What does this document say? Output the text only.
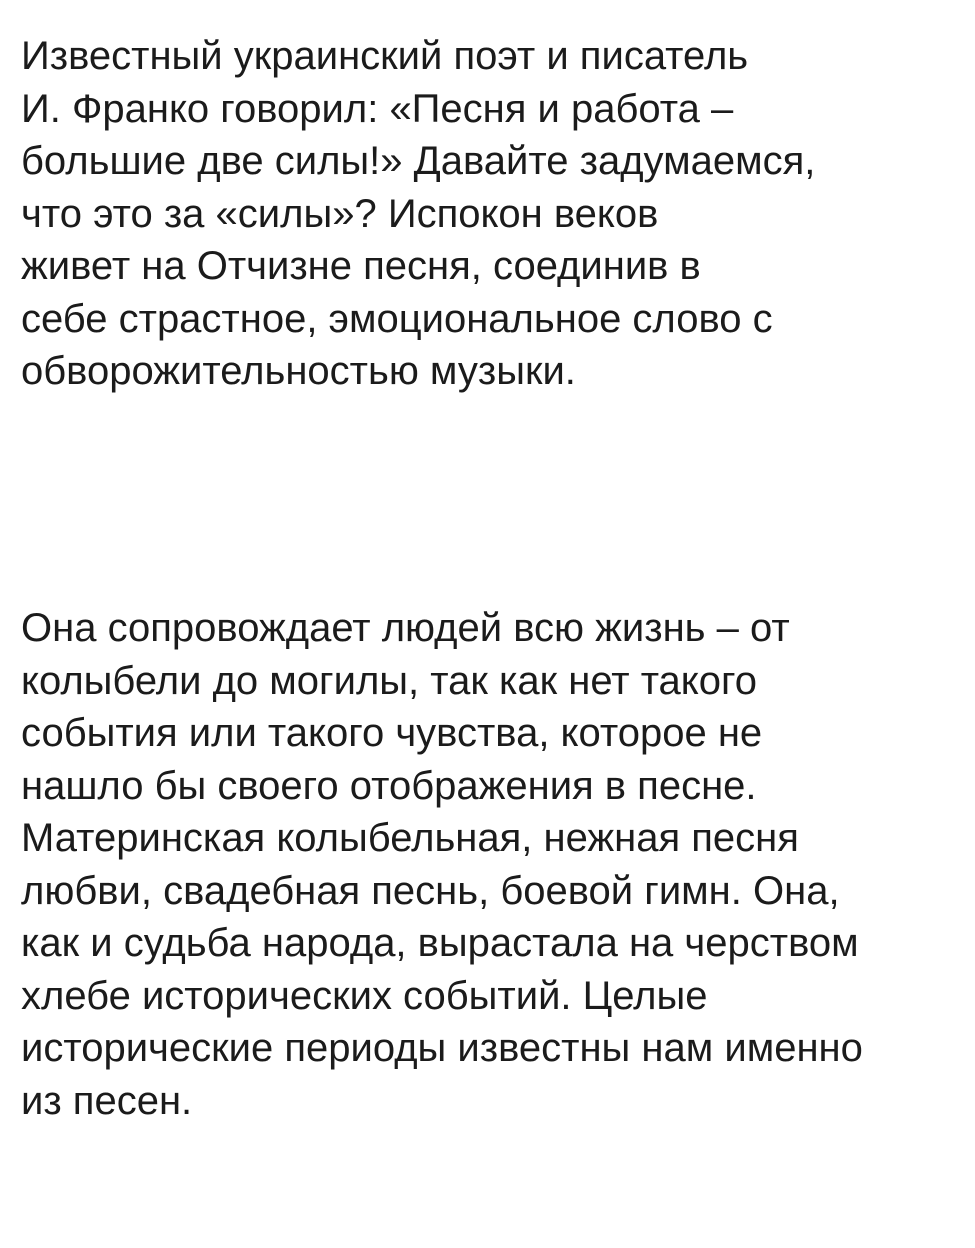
Известный украинский поэт и писатель
И. Франко говорил: «Песня и работа –
большие две силы!» Давайте задумаемся,
что это за «силы»? Испокон веков
живет на Отчизне песня, соединив в
себе страстное, эмоциональное слово с
обворожительностью музыки.

Она сопровождает людей всю жизнь – от
колыбели до могилы, так как нет такого
события или такого чувства, которое не
нашло бы своего отображения в песне.
Материнская колыбельная, нежная песня
любви, свадебная песнь, боевой гимн. Она,
как и судьба народа, вырастала на черством
хлебе исторических событий. Целые
исторические периоды известны нам именно
из песен.
